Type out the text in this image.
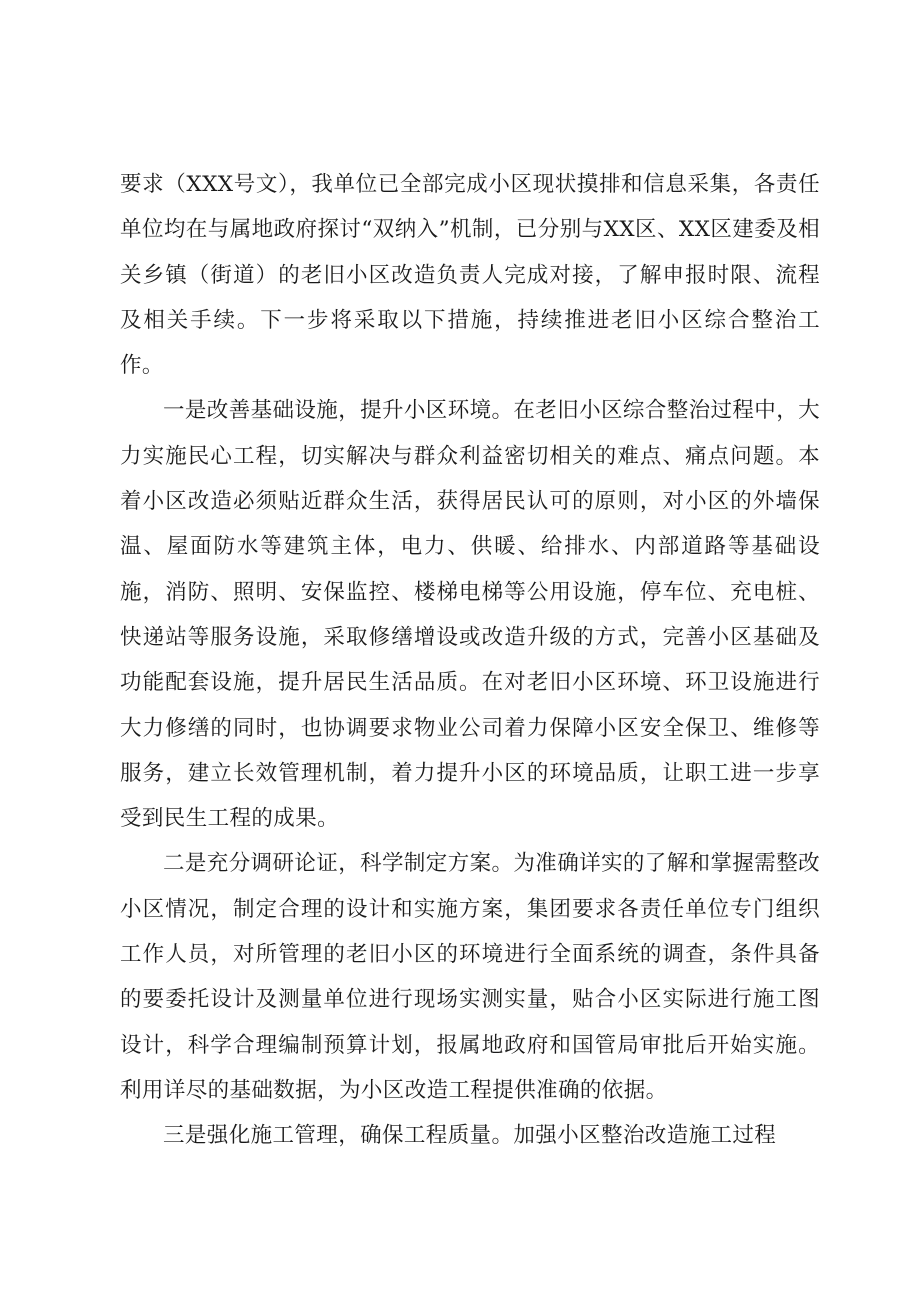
要求（XXX号文），我单位已全部完成小区现状摸排和信息采集，各责任单位均在与属地政府探讨“双纳入”机制，已分别与XX区、XX区建委及相关乡镇（街道）的老旧小区改造负责人完成对接，了解申报时限、流程及相关手续。下一步将采取以下措施，持续推进老旧小区综合整治工作。

一是改善基础设施，提升小区环境。在老旧小区综合整治过程中，大力实施民心工程，切实解决与群众利益密切相关的难点、痛点问题。本着小区改造必须贴近群众生活，获得居民认可的原则，对小区的外墙保温、屋面防水等建筑主体，电力、供暖、给排水、内部道路等基础设施，消防、照明、安保监控、楼梯电梯等公用设施，停车位、充电桩、快递站等服务设施，采取修缮增设或改造升级的方式，完善小区基础及功能配套设施，提升居民生活品质。在对老旧小区环境、环卫设施进行大力修缮的同时，也协调要求物业公司着力保障小区安全保卫、维修等服务，建立长效管理机制，着力提升小区的环境品质，让职工进一步享受到民生工程的成果。

二是充分调研论证，科学制定方案。为准确详实的了解和掌握需整改小区情况，制定合理的设计和实施方案，集团要求各责任单位专门组织工作人员，对所管理的老旧小区的环境进行全面系统的调查，条件具备的要委托设计及测量单位进行现场实测实量，贴合小区实际进行施工图设计，科学合理编制预算计划，报属地政府和国管局审批后开始实施。利用详尽的基础数据，为小区改造工程提供准确的依据。

三是强化施工管理，确保工程质量。加强小区整治改造施工过程
